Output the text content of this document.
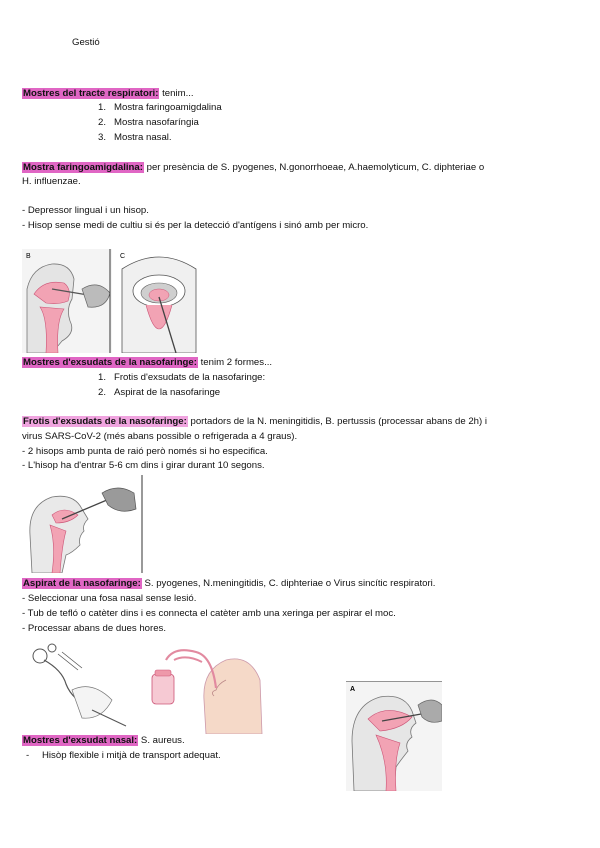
Gestió
Mostres del tracte respiratori: tenim...
1. Mostra faringoamigdalina
2. Mostra nasofaríngia
3. Mostra nasal.
Mostra faringoamigdalina: per presència de S. pyogenes, N.gonorrhoeae, A.haemolyticum, C. diphteriae o
H. influenzae.
- Depressor lingual i un hisop.
- Hisop sense medi de cultiu si és per la detecció d'antígens i sinó amb per micro.
B	C
Mostres d'exsudats de la nasofaringe: tenim 2 formes...
1. Frotis d'exsudats de la nasofaringe:
2. Aspirat de la nasofaringe
Frotis d'exsudats de la nasofaringe: portadors de la N. meningitidis, B. pertussis (processar abans de 2h) i
virus SARS-CoV-2 (més abans possible o refrigerada a 4 graus).
- 2 hisops amb punta de raió però només si ho especifica.
- L'hisop ha d'entrar 5-6 cm dins i girar durant 10 segons.
Aspirat de la nasofaringe: S. pyogenes, N.meningitidis, C. diphteriae o Virus sincític respiratori.
- Seleccionar una fosa nasal sense lesió.
- Tub de tefló o catèter dins i es connecta el catèter amb una xeringa per aspirar el moc.
- Processar abans de dues hores.
A
Mostres d'exsudat nasal: S. aureus.
- Hisòp flexible i mitjà de transport adequat.
